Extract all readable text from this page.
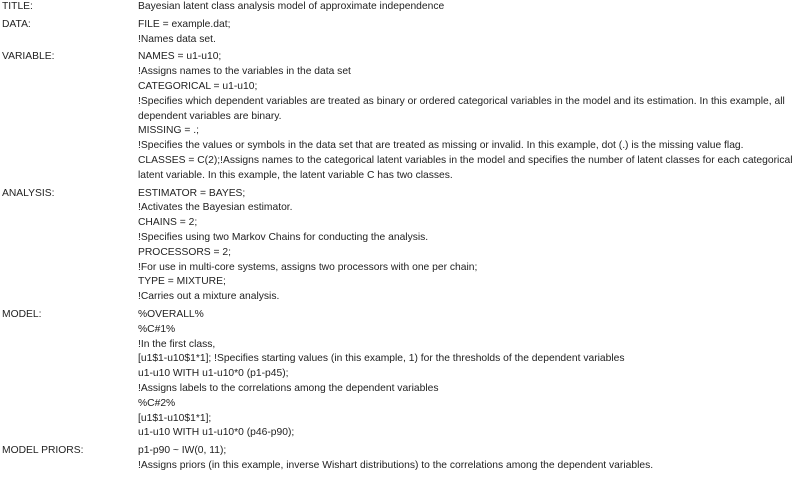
TITLE:	Bayesian latent class analysis model of approximate independence
DATA:	FILE = example.dat;
!Names data set.
VARIABLE:	NAMES = u1-u10;
!Assigns names to the variables in the data set
CATEGORICAL = u1-u10;
!Specifies which dependent variables are treated as binary or ordered categorical variables in the model and its estimation. In this example, all dependent variables are binary.
MISSING = .;
!Specifies the values or symbols in the data set that are treated as missing or invalid. In this example, dot (.) is the missing value flag.
CLASSES = C(2);!Assigns names to the categorical latent variables in the model and specifies the number of latent classes for each categorical latent variable. In this example, the latent variable C has two classes.
ANALYSIS:	ESTIMATOR = BAYES;
!Activates the Bayesian estimator.
CHAINS = 2;
!Specifies using two Markov Chains for conducting the analysis.
PROCESSORS = 2;
!For use in multi-core systems, assigns two processors with one per chain;
TYPE = MIXTURE;
!Carries out a mixture analysis.
MODEL:	%OVERALL%
%C#1%
!In the first class,
[u1$1-u10$1*1]; !Specifies starting values (in this example, 1) for the thresholds of the dependent variables
u1-u10 WITH u1-u10*0 (p1-p45);
!Assigns labels to the correlations among the dependent variables
%C#2%
[u1$1-u10$1*1];
u1-u10 WITH u1-u10*0 (p46-p90);
MODEL PRIORS:	p1-p90 ~ IW(0, 11);
!Assigns priors (in this example, inverse Wishart distributions) to the correlations among the dependent variables.
